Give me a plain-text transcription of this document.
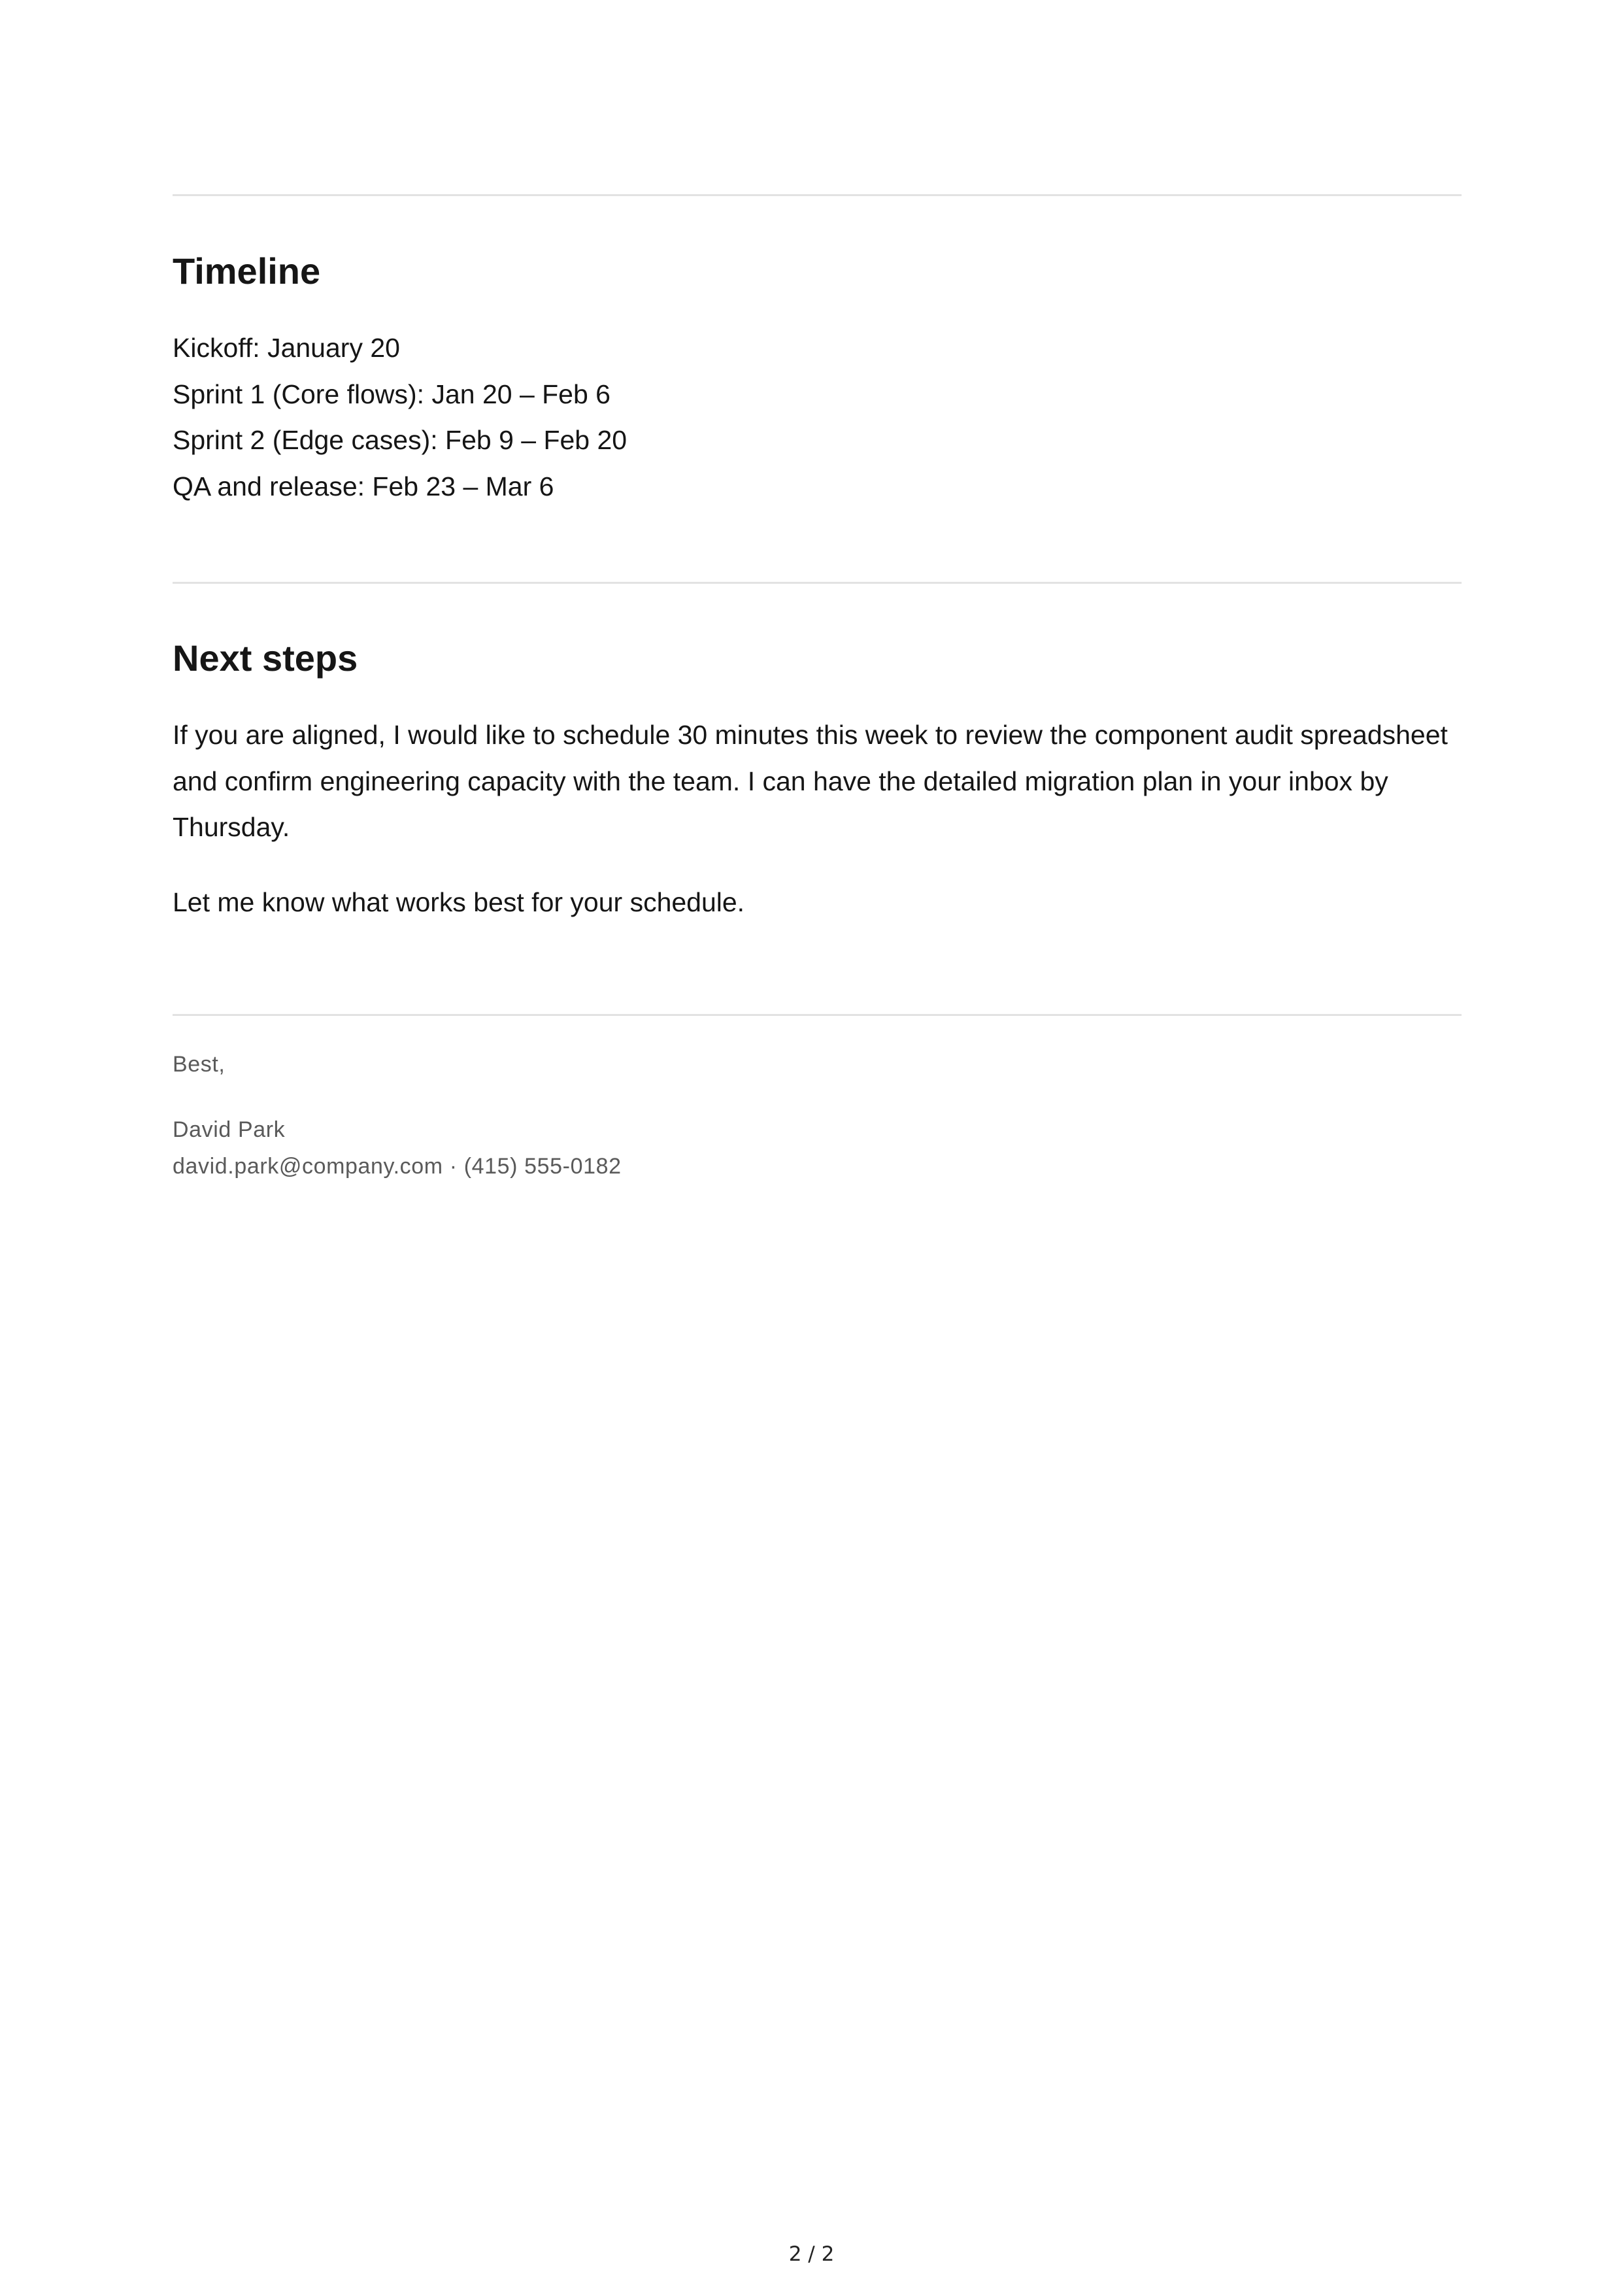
Timeline
Kickoff: January 20
Sprint 1 (Core flows): Jan 20 – Feb 6
Sprint 2 (Edge cases): Feb 9 – Feb 20
QA and release: Feb 23 – Mar 6
Next steps

If you are aligned, I would like to schedule 30 minutes this week to review the component audit spreadsheet and confirm engineering capacity with the team. I can have the detailed migration plan in your inbox by Thursday.

Let me know what works best for your schedule.

Best,

David Park

david.park@company.com · (415) 555-0182

2 / 2
